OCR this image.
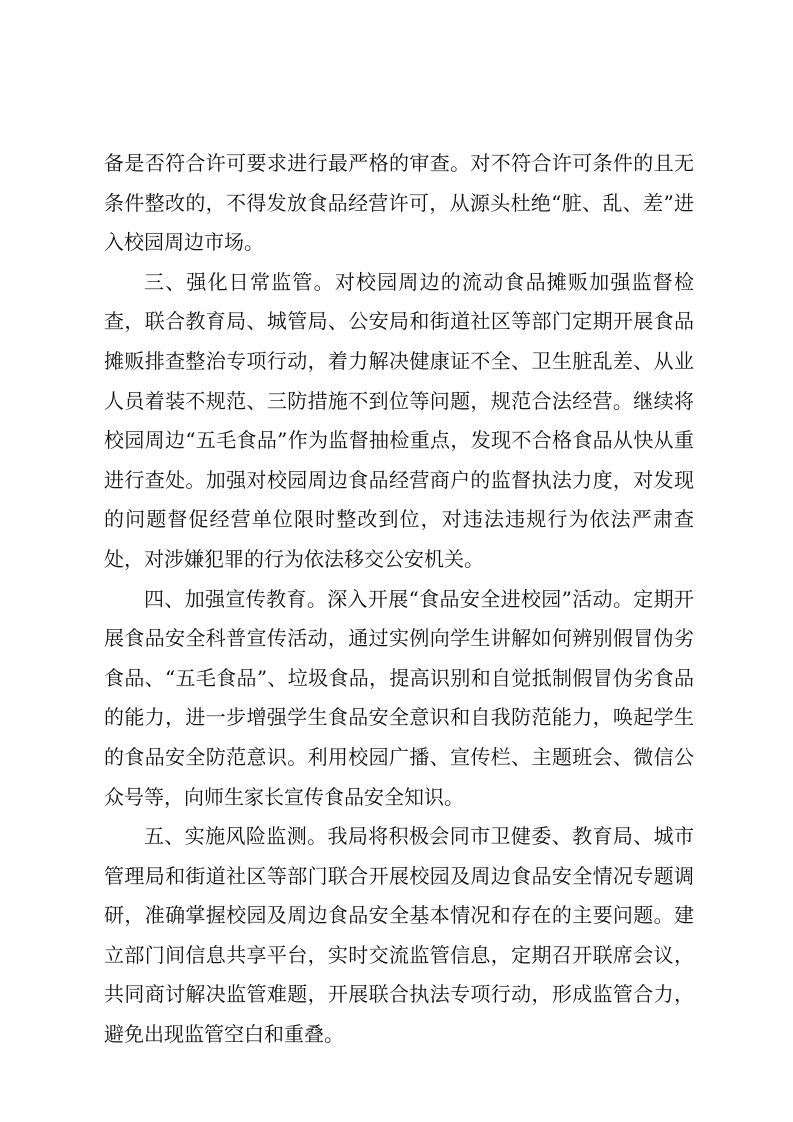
备是否符合许可要求进行最严格的审查。对不符合许可条件的且无条件整改的，不得发放食品经营许可，从源头杜绝“脏、乱、差”进入校园周边市场。

三、强化日常监管。对校园周边的流动食品摊贩加强监督检查，联合教育局、城管局、公安局和街道社区等部门定期开展食品摊贩排查整治专项行动，着力解决健康证不全、卫生脏乱差、从业人员着装不规范、三防措施不到位等问题，规范合法经营。继续将校园周边“五毛食品”作为监督抽检重点，发现不合格食品从快从重进行查处。加强对校园周边食品经营商户的监督执法力度，对发现的问题督促经营单位限时整改到位，对违法违规行为依法严肃查处，对涉嫌犯罪的行为依法移交公安机关。

四、加强宣传教育。深入开展“食品安全进校园”活动。定期开展食品安全科普宣传活动，通过实例向学生讲解如何辨别假冒伪劣食品、“五毛食品”、垃圾食品，提高识别和自觉抵制假冒伪劣食品的能力，进一步增强学生食品安全意识和自我防范能力，唤起学生的食品安全防范意识。利用校园广播、宣传栏、主题班会、微信公众号等，向师生家长宣传食品安全知识。

五、实施风险监测。我局将积极会同市卫健委、教育局、城市管理局和街道社区等部门联合开展校园及周边食品安全情况专题调研，准确掌握校园及周边食品安全基本情况和存在的主要问题。建立部门间信息共享平台，实时交流监管信息，定期召开联席会议，共同商讨解决监管难题，开展联合执法专项行动，形成监管合力，避免出现监管空白和重叠。
